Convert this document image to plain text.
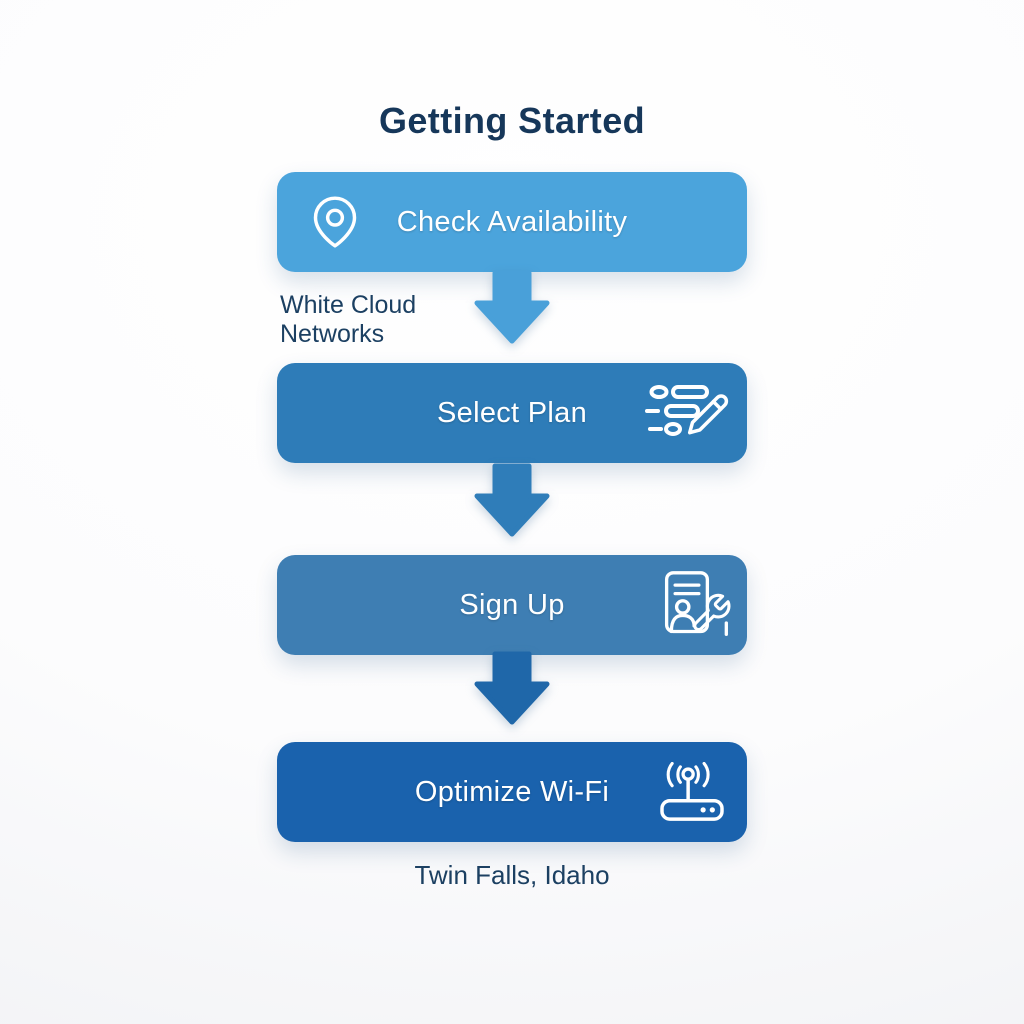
Getting Started
Check Availability
White Cloud Networks
Select Plan
Sign Up
Optimize Wi-Fi
Twin Falls, Idaho
